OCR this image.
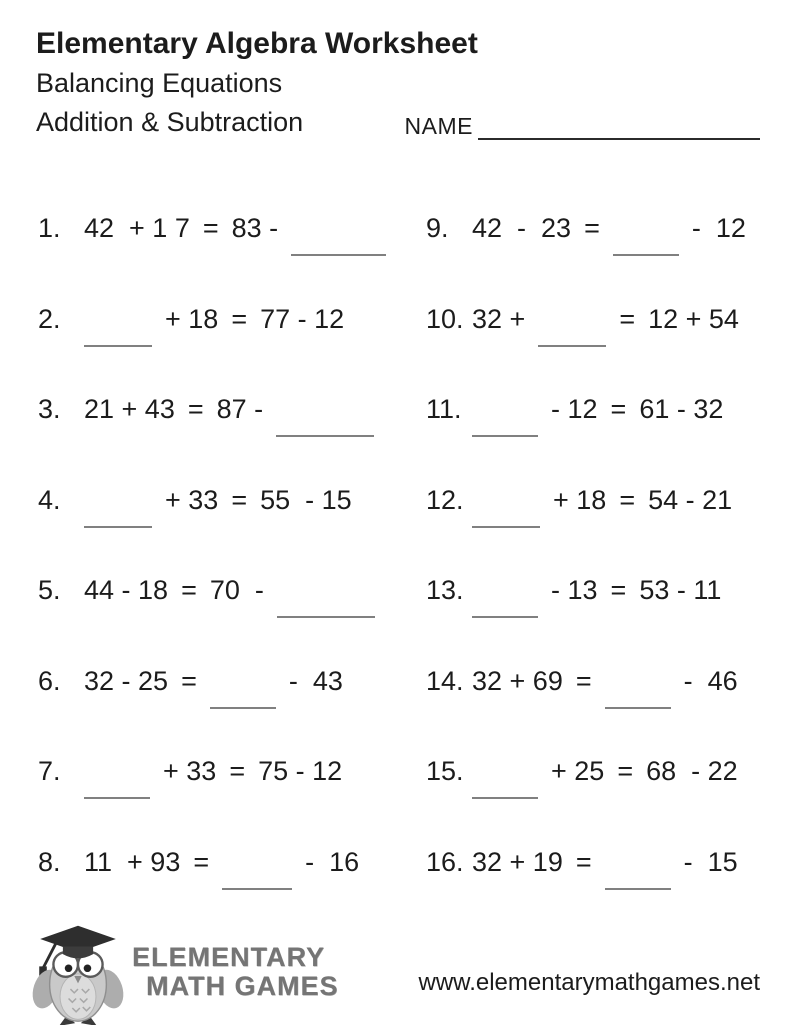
Elementary Algebra Worksheet
Balancing Equations
Addition & Subtraction	NAME
1. 42  + 1 7 = 83 -
2.	+ 18 = 77 - 12
3. 21 + 43 = 87 -
4.	+ 33 = 55  - 15
5. 44 - 18 = 70  -
6. 32 - 25 =	-  43
7.	+ 33 = 75 - 12
8. 11  + 93 =	-  16
9. 42  -  23 =	-  12
10. 32 +	= 12 + 54
11.	- 12 = 61 - 32
12.	+ 18 = 54 - 21
13.	- 13 = 53 - 11
14. 32 + 69 =	-  46
15.	+ 25 = 68  - 22
16. 32 + 19 =	-  15
ELEMENTARY
MATH GAMES	www.elementarymathgames.net
